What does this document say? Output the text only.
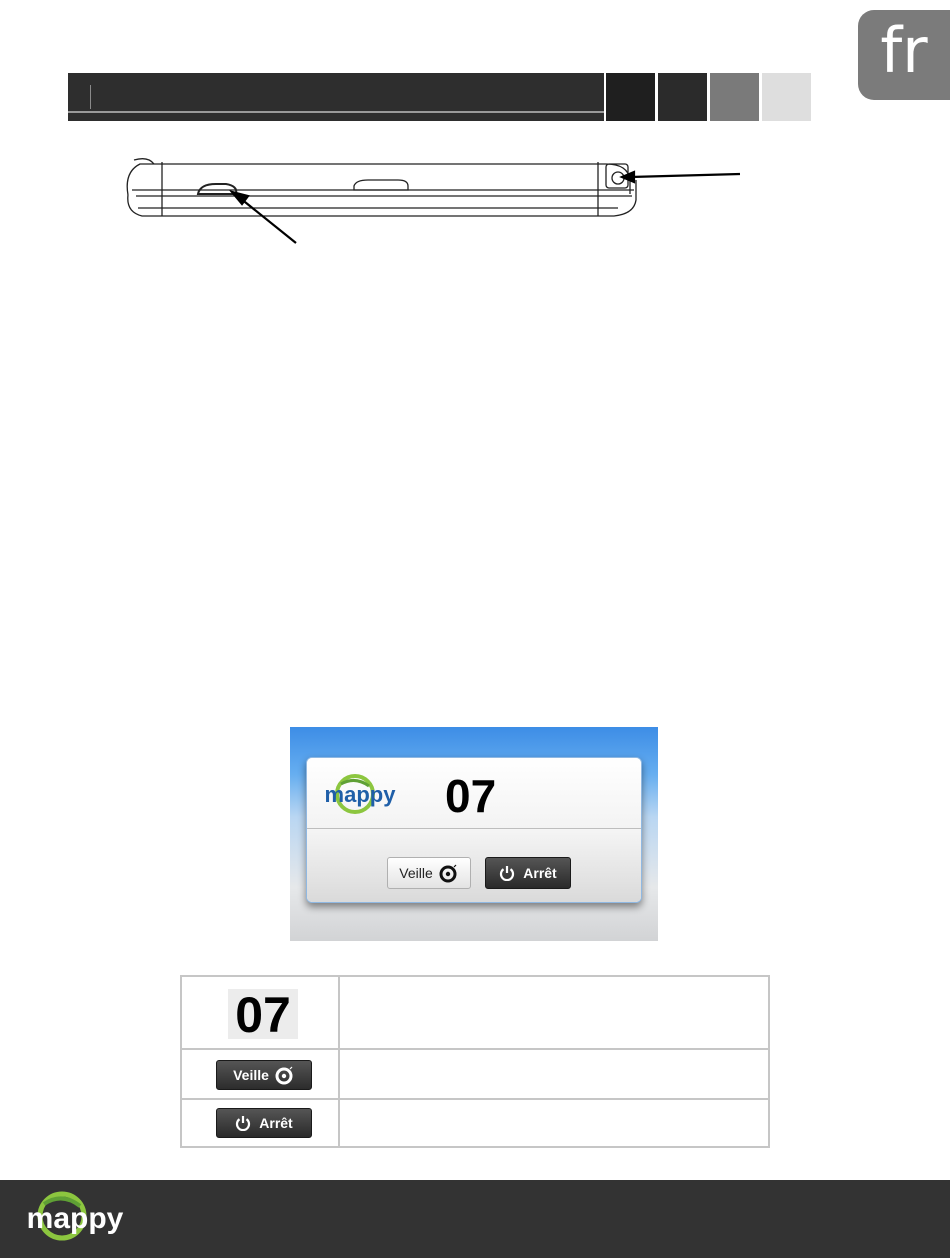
fr
mappy 07
Veille	Arrêt
07
Veille
Arrêt
mappy
